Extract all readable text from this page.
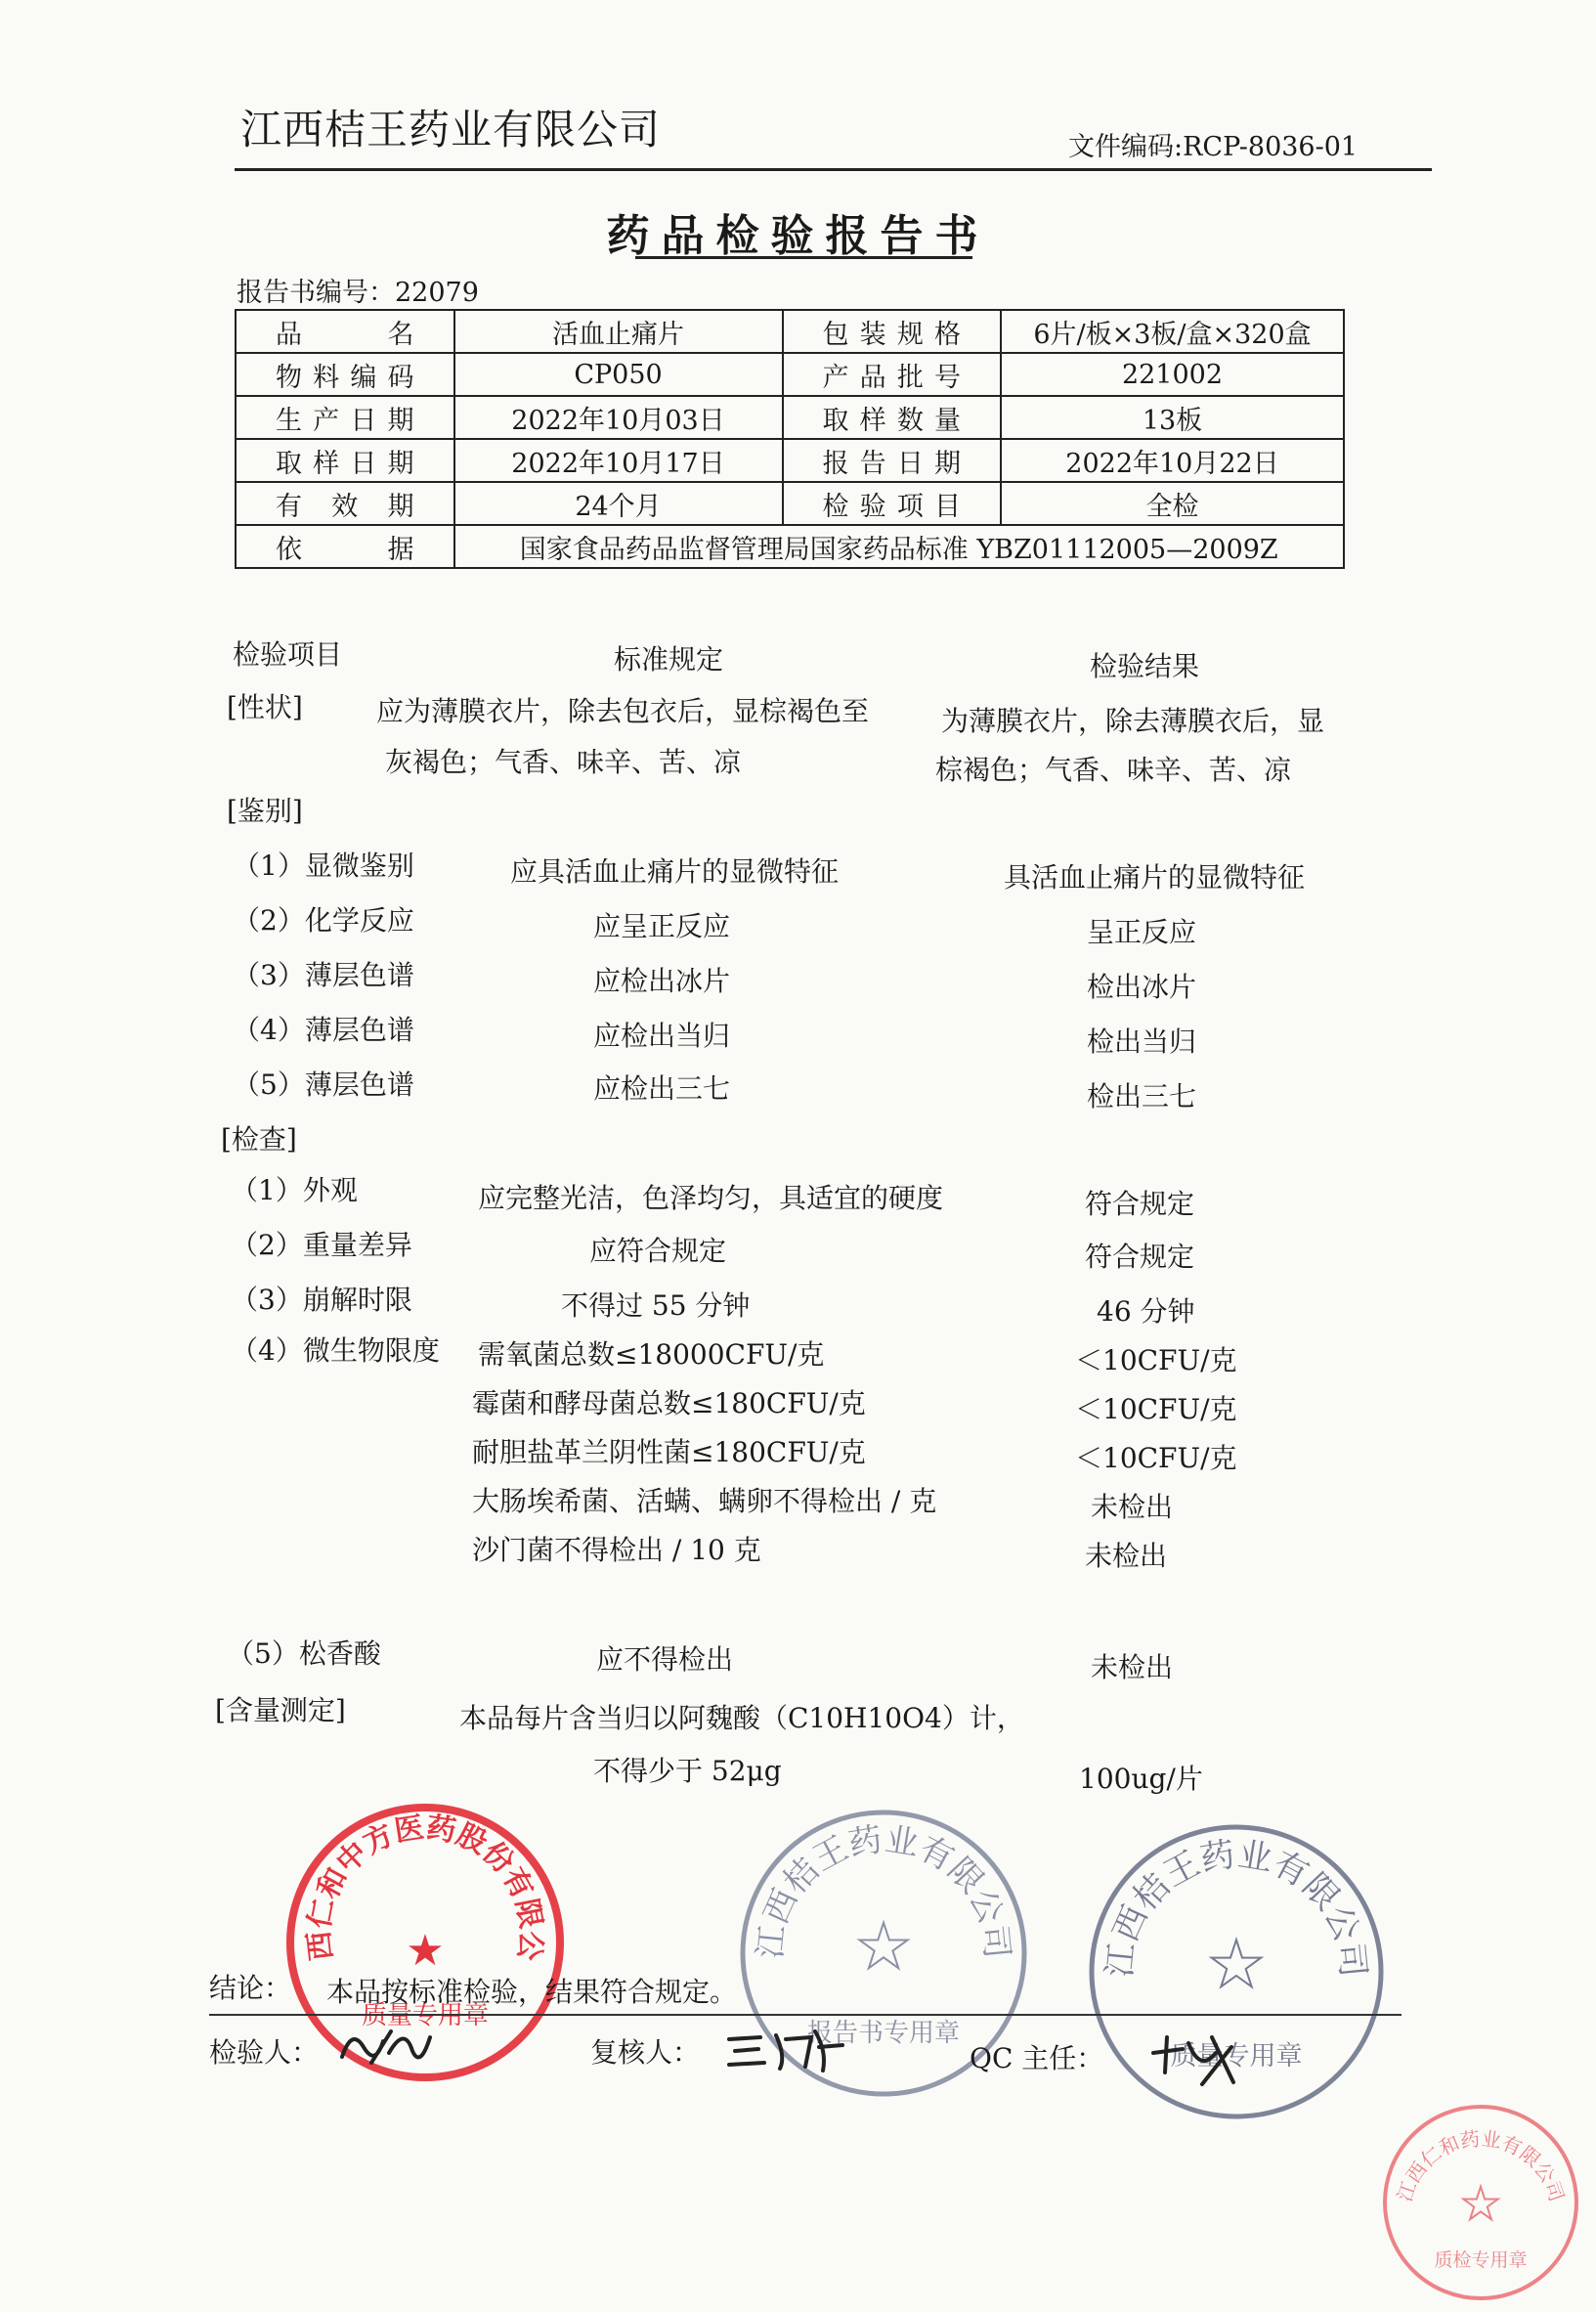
江西桔王药业有限公司	文件编码:RCP-8036-01
药品检验报告书
报告书编号：22079
品名	活血止痛片	包装规格	6片/板×3板/盒×320盒
物料编码	CP050	产品批号	221002
生产日期	2022年10月03日	取样数量	13板
取样日期	2022年10月17日	报告日期	2022年10月22日
有效期	24个月	检验项目	全检
依据	国家食品药品监督管理局国家药品标准 YBZ01112005—2009Z		
检验项目	标准规定	检验结果
[性状]	应为薄膜衣片，除去包衣后，显棕褐色至
灰褐色；气香、味辛、苦、凉
为薄膜衣片，除去薄膜衣后，显
棕褐色；气香、味辛、苦、凉
[鉴别]
（1）显微鉴别	应具活血止痛片的显微特征	具活血止痛片的显微特征
（2）化学反应	应呈正反应	呈正反应
（3）薄层色谱	应检出冰片	检出冰片
（4）薄层色谱	应检出当归	检出当归
（5）薄层色谱	应检出三七	检出三七
[检查]
（1）外观	应完整光洁，色泽均匀，具适宜的硬度	符合规定
（2）重量差异	应符合规定	符合规定
（3）崩解时限	不得过 55 分钟	46 分钟
（4）微生物限度 需氧菌总数≤18000CFU/克	＜10CFU/克
霉菌和酵母菌总数≤180CFU/克	＜10CFU/克
耐胆盐革兰阴性菌≤180CFU/克	＜10CFU/克
大肠埃希菌、活螨、螨卵不得检出 / 克	未检出
沙门菌不得检出 / 10 克	未检出
（5）松香酸	应不得检出	未检出
[含量测定]	本品每片含当归以阿魏酸（C10H10O4）计，
不得少于 52μg	100ug/片
西仁和中方医药股份有限公
★
质量专用章
江西桔王药业有限公司
★
报告书专用章
江西桔王药业有限公司
★
质量专用章
江西仁和药业有限公司
★
质检专用章
结论： 本品按标准检验，结果符合规定。
检验人：	复核人：	QC 主任：
